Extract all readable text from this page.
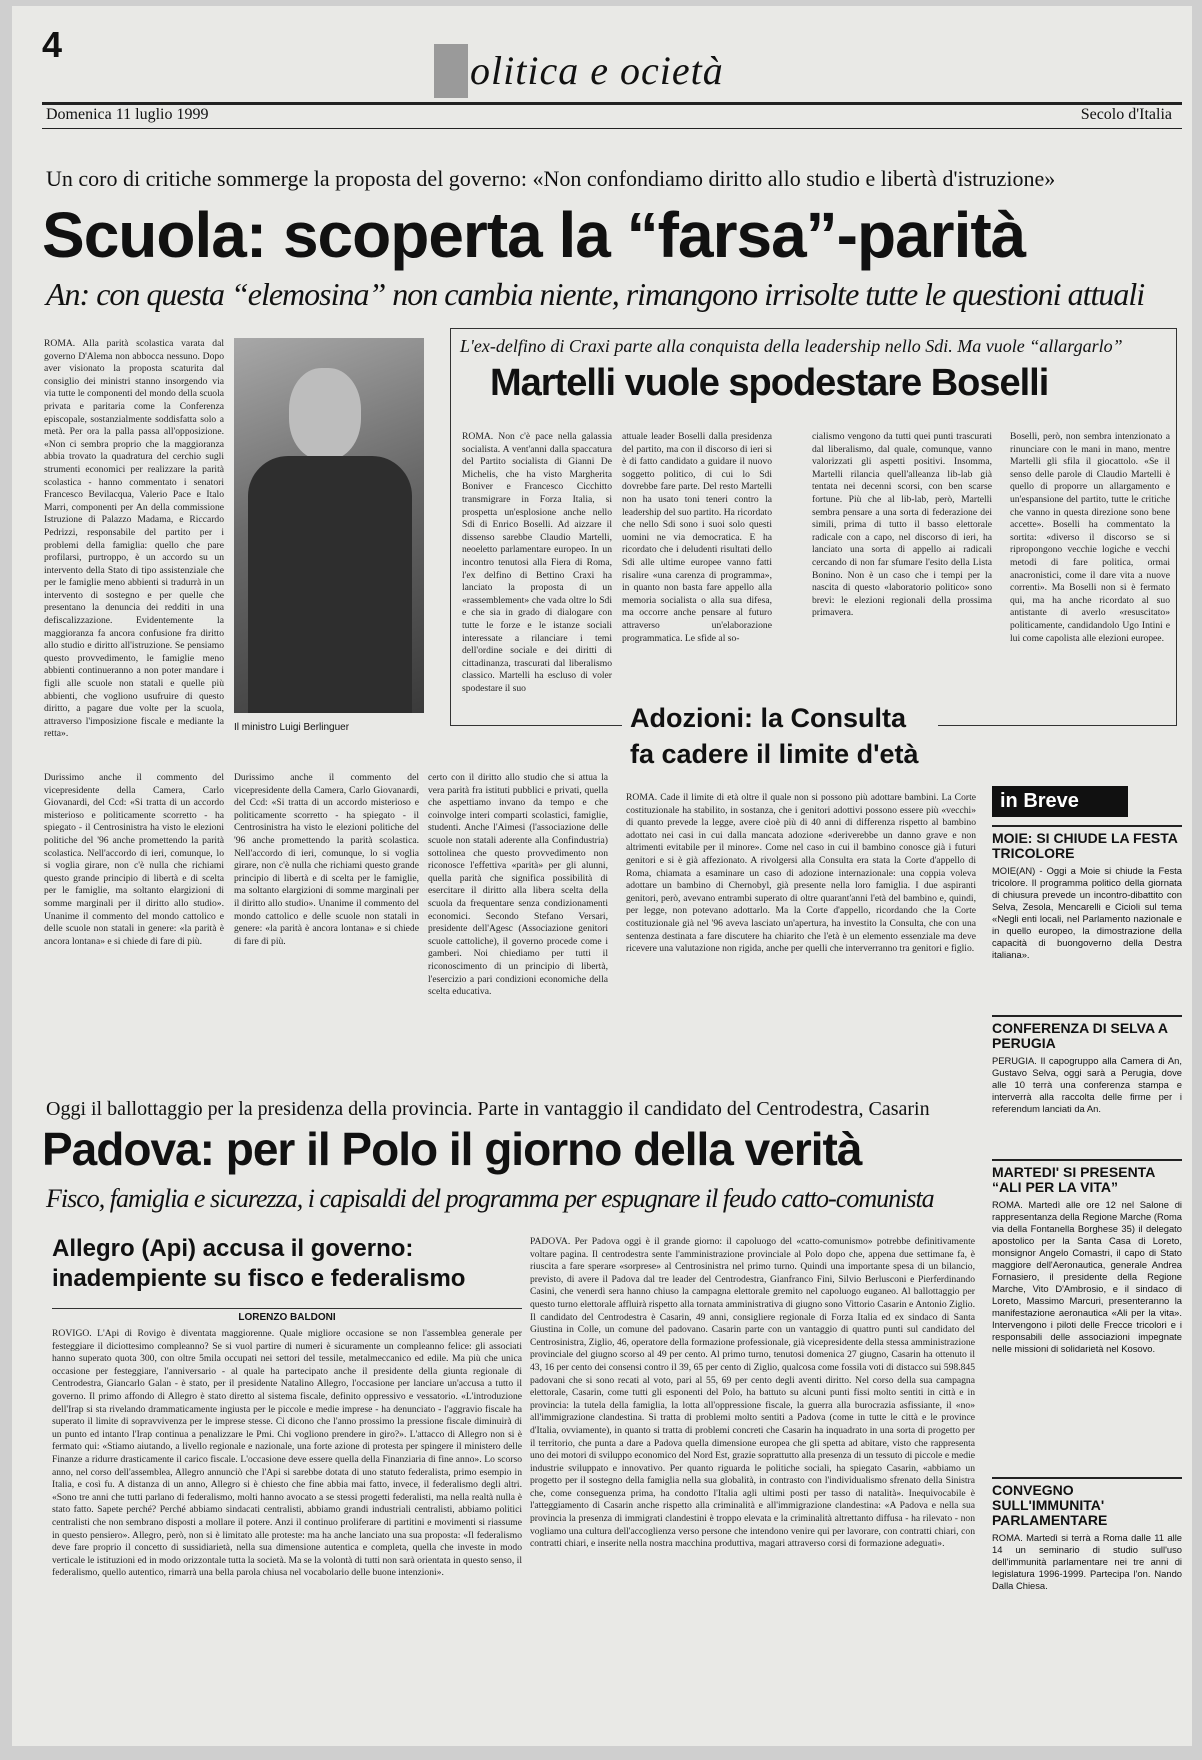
4
olitica e ocietà
Domenica 11 luglio 1999	Secolo d'Italia
Un coro di critiche sommerge la proposta del governo: «Non confondiamo diritto allo studio e libertà d'istruzione»
Scuola: scoperta la “farsa”-parità
An: con questa “elemosina” non cambia niente, rimangono irrisolte tutte le questioni attuali
ROMA. Alla parità scolastica varata dal governo D'Alema non abbocca nessuno. Dopo aver visionato la proposta scaturita dal consiglio dei ministri stanno insorgendo via via tutte le componenti del mondo della scuola privata e paritaria come la Conferenza episcopale, sostanzialmente soddisfatta solo a metà. Per ora la palla passa all'opposizione. «Non ci sembra proprio che la maggioranza abbia trovato la quadratura del cerchio sugli strumenti economici per realizzare la parità scolastica - hanno commentato i senatori Francesco Bevilacqua, Valerio Pace e Italo Marri, componenti per An della commissione Istruzione di Palazzo Madama, e Riccardo Pedrizzi, responsabile del partito per i problemi della famiglia: quello che pare profilarsi, purtroppo, è un accordo su un intervento della Stato di tipo assistenziale che per le famiglie meno abbienti si tradurrà in un intervento di sostegno e per quelle che presentano la denuncia dei redditi in una defiscalizzazione. Evidentemente la maggioranza fa ancora confusione fra diritto allo studio e diritto all'istruzione. Se pensiamo questo provvedimento, le famiglie meno abbienti continueranno a non poter mandare i figli alle scuole non statali e quelle più abbienti, che vogliono usufruire di questo diritto, a pagare due volte per la scuola, attraverso l'imposizione fiscale e mediante la retta».
Durissimo anche il commento del vicepresidente della Camera, Carlo Giovanardi, del Ccd: «Si tratta di un accordo misterioso e politicamente scorretto - ha spiegato - il Centrosinistra ha visto le elezioni politiche del '96 anche promettendo la parità scolastica. Nell'accordo di ieri, comunque, lo si voglia girare, non c'è nulla che richiami questo grande principio di libertà e di scelta per le famiglie, ma soltanto elargizioni di somme marginali per il diritto allo studio». Unanime il commento del mondo cattolico e delle scuole non statali in genere: «la parità è ancora lontana» e si chiede di fare di più.
Il ministro Luigi Berlinguer
Durissimo anche il commento del vicepresidente della Camera, Carlo Giovanardi, del Ccd: «Si tratta di un accordo misterioso e politicamente scorretto - ha spiegato - il Centrosinistra ha visto le elezioni politiche del '96 anche promettendo la parità scolastica. Nell'accordo di ieri, comunque, lo si voglia girare, non c'è nulla che richiami questo grande principio di libertà e di scelta per le famiglie, ma soltanto elargizioni di somme marginali per il diritto allo studio». Unanime il commento del mondo cattolico e delle scuole non statali in genere: «la parità è ancora lontana» e si chiede di fare di più.
certo con il diritto allo studio che si attua la vera parità fra istituti pubblici e privati, quella che aspettiamo invano da tempo e che coinvolge interi comparti scolastici, famiglie, studenti. Anche l'Aimesi (l'associazione delle scuole non statali aderente alla Confindustria) sottolinea che questo provvedimento non riconosce l'effettiva «parità» per gli alunni, quella parità che significa possibilità di esercitare il diritto alla libera scelta della scuola da frequentare senza condizionamenti economici. Secondo Stefano Versari, presidente dell'Agesc (Associazione genitori scuole cattoliche), il governo procede come i gamberi. Noi chiediamo per tutti il riconoscimento di un principio di libertà, l'esercizio a pari condizioni economiche della scelta educativa.
L'ex-delfino di Craxi parte alla conquista della leadership nello Sdi. Ma vuole “allargarlo”
Martelli vuole spodestare Boselli
ROMA. Non c'è pace nella galassia socialista. A vent'anni dalla spaccatura del Partito socialista di Gianni De Michelis, che ha visto Margherita Boniver e Francesco Cicchitto transmigrare in Forza Italia, si prospetta un'esplosione anche nello Sdi di Enrico Boselli. Ad aizzare il dissenso sarebbe Claudio Martelli, neoeletto parlamentare europeo. In un incontro tenutosi alla Fiera di Roma, l'ex delfino di Bettino Craxi ha lanciato la proposta di un «rassemblement» che vada oltre lo Sdi e che sia in grado di dialogare con tutte le forze e le istanze sociali interessate a rilanciare i temi dell'ordine sociale e dei diritti di cittadinanza, trascurati dal liberalismo classico. Martelli ha escluso di voler spodestare il suo
attuale leader Boselli dalla presidenza del partito, ma con il discorso di ieri si è di fatto candidato a guidare il nuovo soggetto politico, di cui lo Sdi dovrebbe fare parte. Del resto Martelli non ha usato toni teneri contro la leadership del suo partito. Ha ricordato che nello Sdi sono i suoi solo questi uomini ne via democratica. E ha ricordato che i deludenti risultati dello Sdi alle ultime europee vanno fatti risalire «una carenza di programma», in quanto non basta fare appello alla memoria socialista o alla sua difesa, ma occorre anche pensare al futuro attraverso un'elaborazione programmatica. Le sfide al so-
cialismo vengono da tutti quei punti trascurati dal liberalismo, dal quale, comunque, vanno valorizzati gli aspetti positivi. Insomma, Martelli rilancia quell'alleanza lib-lab già tentata nei decenni scorsi, con ben scarse fortune. Più che al lib-lab, però, Martelli sembra pensare a una sorta di federazione dei simili, prima di tutto il basso elettorale radicale con a capo, nel discorso di ieri, ha lanciato una sorta di appello ai radicali cercando di non far sfumare l'esito della Lista Bonino. Non è un caso che i tempi per la nascita di questo «laboratorio politico» sono brevi: le elezioni regionali della prossima primavera.
Boselli, però, non sembra intenzionato a rinunciare con le mani in mano, mentre Martelli gli sfila il giocattolo. «Se il senso delle parole di Claudio Martelli è quello di proporre un allargamento e un'espansione del partito, tutte le critiche che vanno in questa direzione sono bene accette». Boselli ha commentato la sortita: «diverso il discorso se si ripropongono vecchie logiche e vecchi metodi di fare politica, ormai anacronistici, come il dare vita a nuove correnti». Ma Boselli non si è fermato qui, ma ha anche ricordato al suo antistante di averlo «resuscitato» politicamente, candidandolo Ugo Intini e lui come capolista alle elezioni europee.
Adozioni: la Consulta fa cadere il limite d'età
ROMA. Cade il limite di età oltre il quale non si possono più adottare bambini. La Corte costituzionale ha stabilito, in sostanza, che i genitori adottivi possono essere più «vecchi» di quanto prevede la legge, avere cioè più di 40 anni di differenza rispetto al bambino adottato nei casi in cui dalla mancata adozione «deriverebbe un danno grave e non altrimenti evitabile per il minore». Come nel caso in cui il bambino conosce già i futuri genitori e si è già affezionato. A rivolgersi alla Consulta era stata la Corte d'appello di Roma, chiamata a esaminare un caso di adozione internazionale: una coppia voleva adottare un bambino di Chernobyl, già presente nella loro famiglia. I due aspiranti genitori, però, avevano entrambi superato di oltre quarant'anni l'età del bambino e, quindi, per legge, non potevano adottarlo. Ma la Corte d'appello, ricordando che la Corte costituzionale già nel '96 aveva lasciato un'apertura, ha investito la Consulta, che con una sentenza destinata a fare discutere ha chiarito che l'età è un elemento essenziale ma deve ricevere una valutazione non rigida, anche per quelli che interverranno tra genitori e figlio.
in Breve
MOIE: SI CHIUDE LA FESTA TRICOLORE
MOIE(AN) - Oggi a Moie si chiude la Festa tricolore. Il programma politico della giornata di chiusura prevede un incontro-dibattito con Selva, Zesola, Mencarelli e Cicioli sul tema «Negli enti locali, nel Parlamento nazionale e in quello europeo, la dimostrazione della capacità di buongoverno della Destra italiana».
CONFERENZA DI SELVA A PERUGIA
PERUGIA. Il capogruppo alla Camera di An, Gustavo Selva, oggi sarà a Perugia, dove alle 10 terrà una conferenza stampa e interverrà alla raccolta delle firme per i referendum lanciati da An.
MARTEDI' SI PRESENTA “ALI PER LA VITA”
ROMA. Martedì alle ore 12 nel Salone di rappresentanza della Regione Marche (Roma via della Fontanella Borghese 35) il delegato apostolico per la Santa Casa di Loreto, monsignor Angelo Comastri, il capo di Stato maggiore dell'Aeronautica, generale Andrea Fornasiero, il presidente della Regione Marche, Vito D'Ambrosio, e il sindaco di Loreto, Massimo Marcuri, presenteranno la manifestazione aeronautica «Ali per la vita». Intervengono i piloti delle Frecce tricolori e i responsabili delle associazioni impegnate nelle missioni di solidarietà nel Kosovo.
CONVEGNO SULL'IMMUNITA' PARLAMENTARE
ROMA. Martedì si terrà a Roma dalle 11 alle 14 un seminario di studio sull'uso dell'immunità parlamentare nei tre anni di legislatura 1996-1999. Partecipa l'on. Nando Dalla Chiesa.
Oggi il ballottaggio per la presidenza della provincia. Parte in vantaggio il candidato del Centrodestra, Casarin
Padova: per il Polo il giorno della verità
Fisco, famiglia e sicurezza, i capisaldi del programma per espugnare il feudo catto-comunista
Allegro (Api) accusa il governo: inadempiente su fisco e federalismo
LORENZO BALDONI
ROVIGO. L'Api di Rovigo è diventata maggiorenne. Quale migliore occasione se non l'assemblea generale per festeggiare il diciottesimo compleanno? Se si vuol partire di numeri è sicuramente un compleanno felice: gli associati hanno superato quota 300, con oltre 5mila occupati nei settori del tessile, metalmeccanico ed edile. Ma più che unica occasione per festeggiare, l'anniversario - al quale ha partecipato anche il presidente della giunta regionale di Centrodestra, Giancarlo Galan - è stato, per il presidente Natalino Allegro, l'occasione per lanciare un'accusa a tutto il governo. Il primo affondo di Allegro è stato diretto al sistema fiscale, definito oppressivo e vessatorio. «L'introduzione dell'Irap si sta rivelando drammaticamente ingiusta per le piccole e medie imprese - ha denunciato - l'aggravio fiscale ha superato il limite di sopravvivenza per le imprese stesse. Ci dicono che l'anno prossimo la pressione fiscale diminuirà di un punto ed intanto l'Irap continua a penalizzare le Pmi. Chi vogliono prendere in giro?». L'attacco di Allegro non si è fermato qui: «Stiamo aiutando, a livello regionale e nazionale, una forte azione di protesta per spingere il ministero delle Finanze a ridurre drasticamente il carico fiscale. L'occasione deve essere quella della Finanziaria di fine anno». Lo scorso anno, nel corso dell'assemblea, Allegro annunciò che l'Api si sarebbe dotata di uno statuto federalista, primo esempio in Italia, e così fu. A distanza di un anno, Allegro si è chiesto che fine abbia mai fatto, invece, il federalismo degli altri. «Sono tre anni che tutti parlano di federalismo, molti hanno avocato a se stessi progetti federalisti, ma nella realtà nulla è stato fatto. Sapete perché? Perché abbiamo sindacati centralisti, abbiamo grandi industriali centralisti, abbiamo politici centralisti che non sembrano disposti a mollare il potere. Anzi il continuo proliferare di partitini e movimenti si riassume in questo pensiero». Allegro, però, non si è limitato alle proteste: ma ha anche lanciato una sua proposta: «Il federalismo deve fare proprio il concetto di sussidiarietà, nella sua dimensione autentica e completa, quella che investe in modo verticale le istituzioni ed in modo orizzontale tutta la società. Ma se la volontà di tutti non sarà orientata in questo senso, il federalismo, quello autentico, rimarrà una bella parola chiusa nel vocabolario delle buone intenzioni».
PADOVA. Per Padova oggi è il grande giorno: il capoluogo del «catto-comunismo» potrebbe definitivamente voltare pagina. Il centrodestra sente l'amministrazione provinciale al Polo dopo che, appena due settimane fa, è riuscita a fare sperare «sorprese» al Centrosinistra nel primo turno. Quindi una importante spesa di un bilancio, previsto, di avere il Padova dal tre leader del Centrodestra, Gianfranco Fini, Silvio Berlusconi e Pierferdinando Casini, che venerdì sera hanno chiuso la campagna elettorale gremito nel capoluogo euganeo. Al ballottaggio per questo turno elettorale affluirà rispetto alla tornata amministrativa di giugno sono Vittorio Casarin e Antonio Ziglio. Il candidato del Centrodestra è Casarin, 49 anni, consigliere regionale di Forza Italia ed ex sindaco di Santa Giustina in Colle, un comune del padovano. Casarin parte con un vantaggio di quattro punti sul candidato del Centrosinistra, Ziglio, 46, operatore della formazione professionale, già vicepresidente della stessa amministrazione provinciale del giugno scorso al 49 per cento. Al primo turno, tenutosi domenica 27 giugno, Casarin ha ottenuto il 43, 16 per cento dei consensi contro il 39, 65 per cento di Ziglio, qualcosa come fossila voti di distacco sui 598.845 padovani che si sono recati al voto, pari al 55, 69 per cento degli aventi diritto. Nel corso della sua campagna elettorale, Casarin, come tutti gli esponenti del Polo, ha battuto su alcuni punti fissi molto sentiti in città e in provincia: la tutela della famiglia, la lotta all'oppressione fiscale, la guerra alla burocrazia asfissiante, il «no» all'immigrazione clandestina. Si tratta di problemi molto sentiti a Padova (come in tutte le città e le province d'Italia, ovviamente), in quanto si tratta di problemi concreti che Casarin ha inquadrato in una sorta di progetto per il territorio, che punta a dare a Padova quella dimensione europea che gli spetta ad abitare, visto che rappresenta uno dei motori di sviluppo economico del Nord Est, grazie soprattutto alla presenza di un tessuto di piccole e medie industrie sviluppato e innovativo. Per quanto riguarda le politiche sociali, ha spiegato Casarin, «abbiamo un progetto per il sostegno della famiglia nella sua globalità, in contrasto con l'individualismo sfrenato della Sinistra che, come conseguenza prima, ha condotto l'Italia agli ultimi posti per tasso di natalità». Inequivocabile è l'atteggiamento di Casarin anche rispetto alla criminalità e all'immigrazione clandestina: «A Padova e nella sua provincia la presenza di immigrati clandestini è troppo elevata e la criminalità altrettanto diffusa - ha rilevato - non vogliamo una cultura dell'accoglienza verso persone che intendono venire qui per lavorare, con contratti chiari, con contratti chiari, e inserite nella nostra macchina produttiva, magari attraverso corsi di formazione adeguati».
